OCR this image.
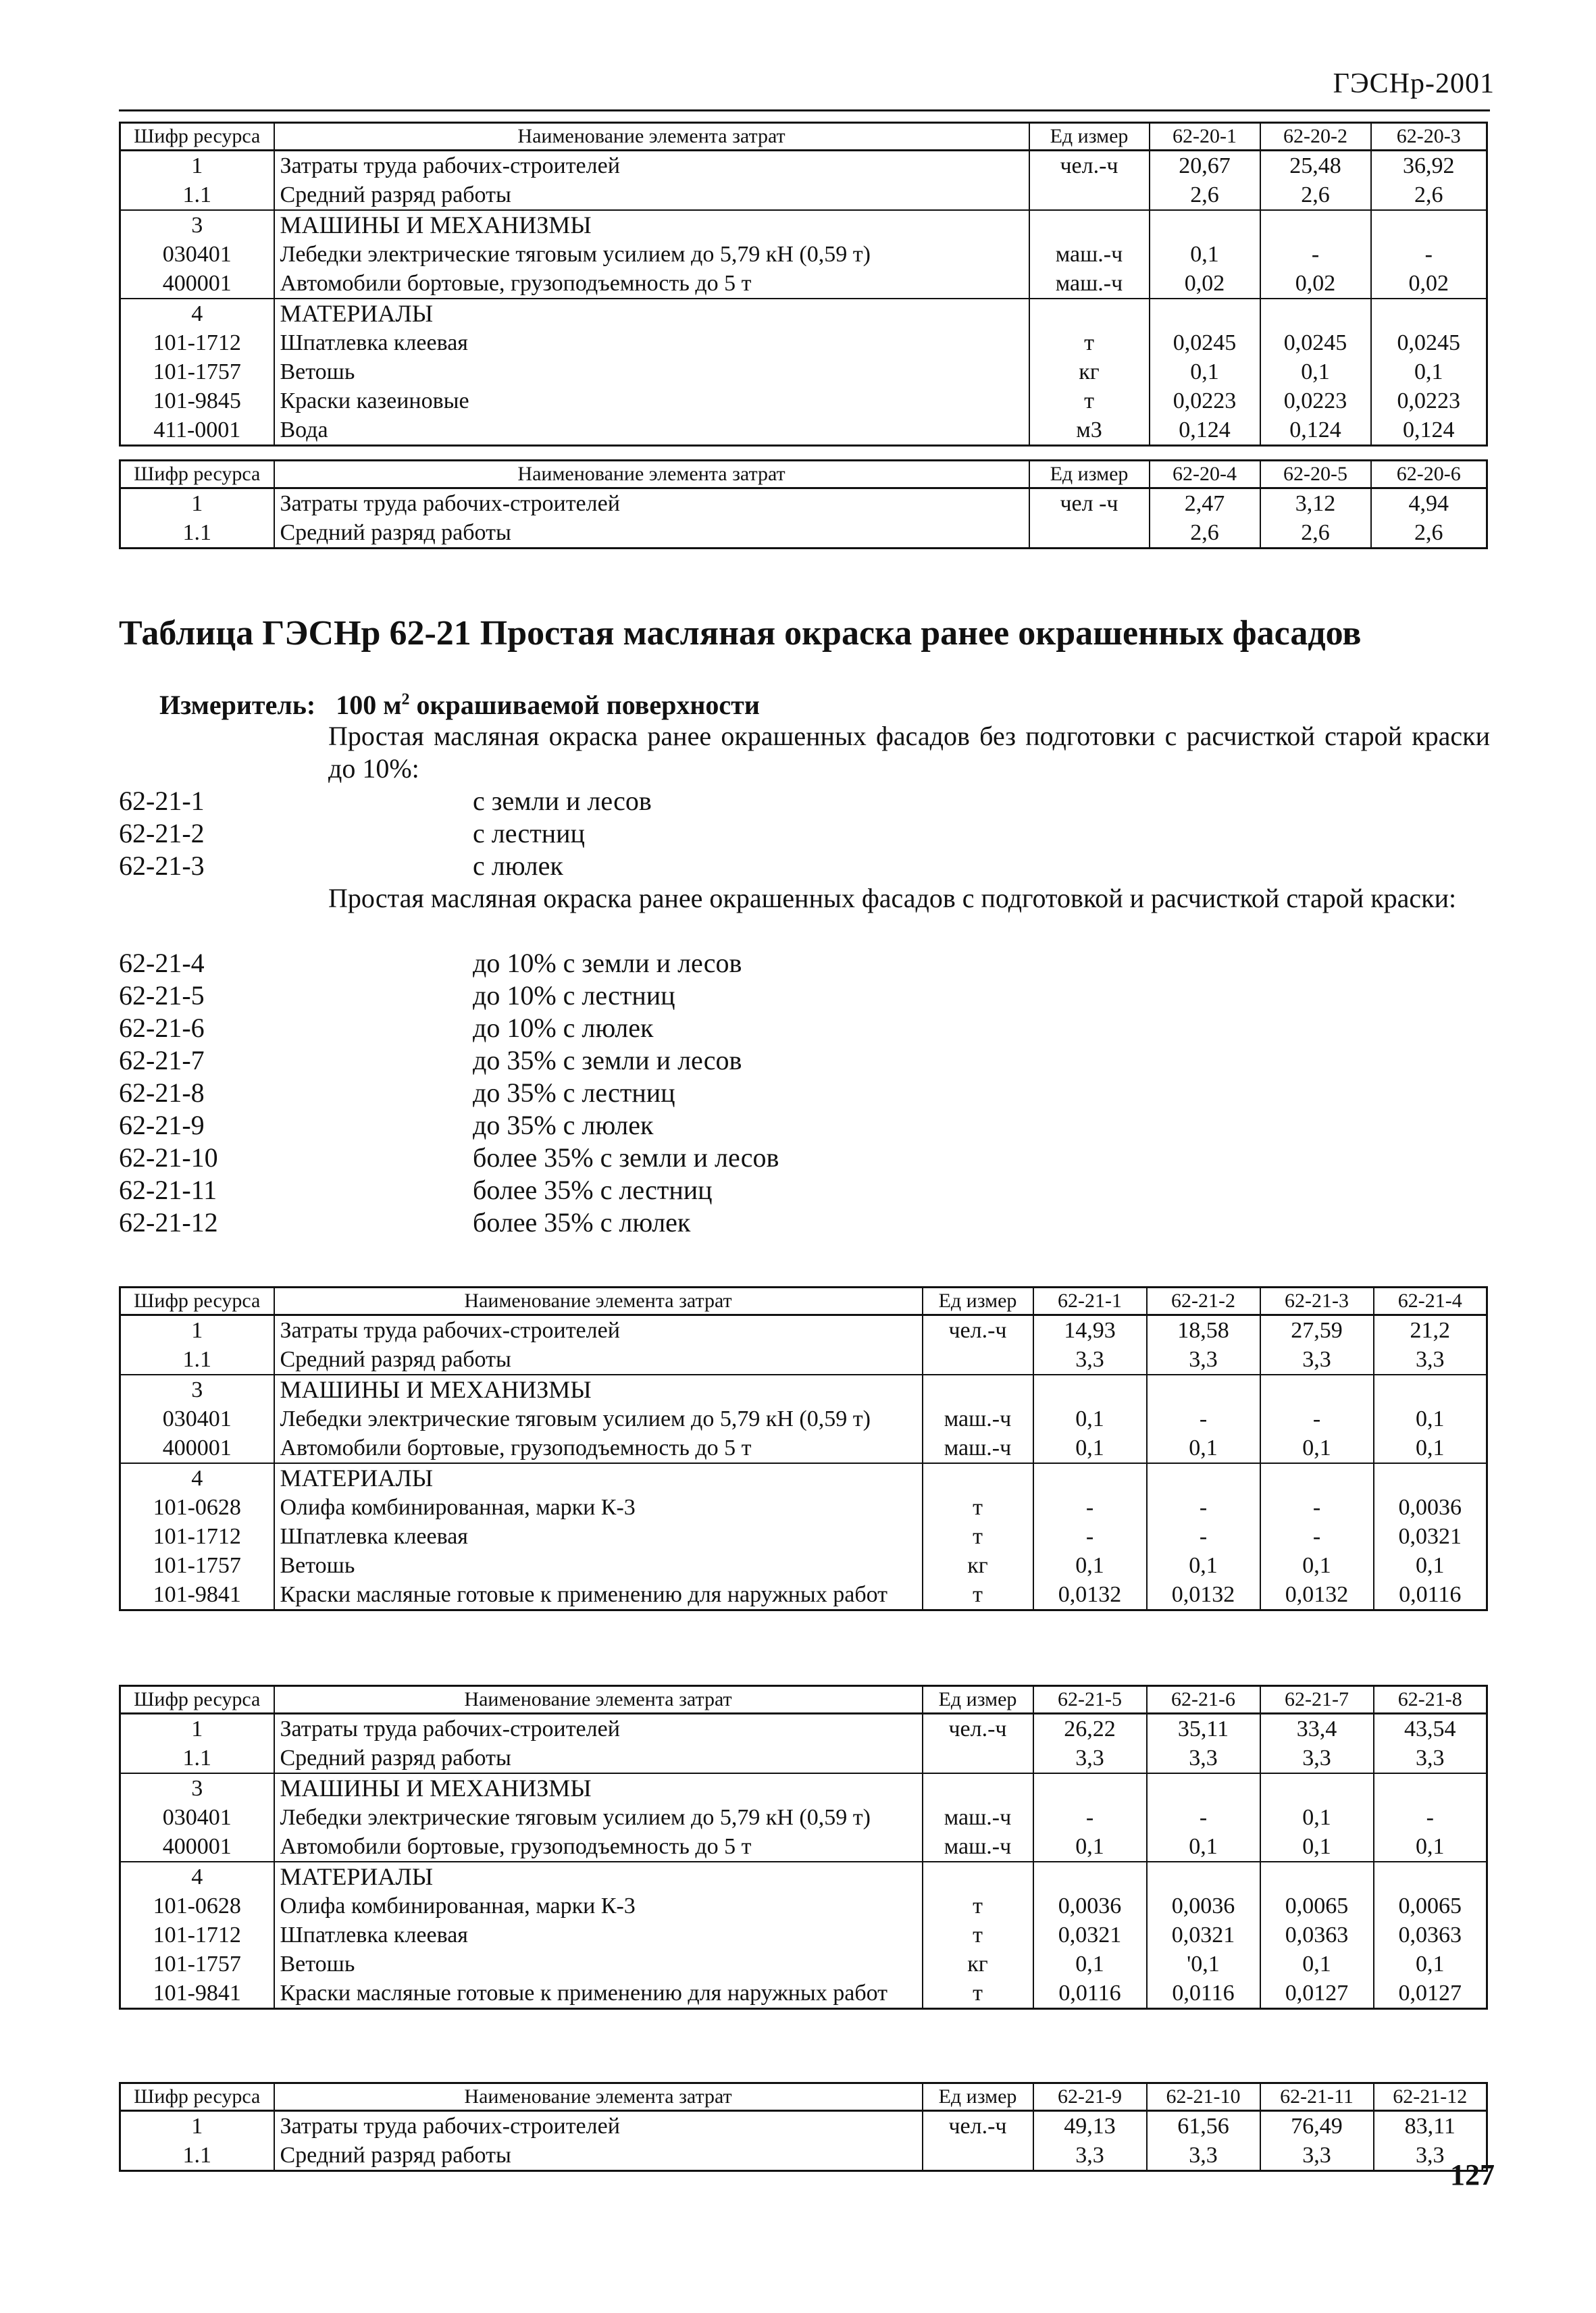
ГЭСНр-2001
Шифр ресурса	Наименование элемента затрат	Ед измер	62-20-1	62-20-2	62-20-3
1	Затраты труда рабочих-строителей	чел.-ч	20,67	25,48	36,92
1.1	Средний разряд работы		2,6	2,6	2,6
3	МАШИНЫ И МЕХАНИЗМЫ				
030401	Лебедки электрические тяговым усилием до 5,79 кН (0,59 т)	маш.-ч	0,1	-	-
400001	Автомобили бортовые, грузоподъемность до 5 т	маш.-ч	0,02	0,02	0,02
4	МАТЕРИАЛЫ				
101-1712	Шпатлевка клеевая	т	0,0245	0,0245	0,0245
101-1757	Ветошь	кг	0,1	0,1	0,1
101-9845	Краски казеиновые	т	0,0223	0,0223	0,0223
411-0001	Вода	м3	0,124	0,124	0,124
Шифр ресурса	Наименование элемента затрат	Ед измер	62-20-4	62-20-5	62-20-6
1	Затраты труда рабочих-строителей	чел -ч	2,47	3,12	4,94
1.1	Средний разряд работы		2,6	2,6	2,6
Таблица ГЭСНр 62-21 Простая масляная окраска ранее окрашенных фасадов
Измеритель: 100 $м^2$ окрашиваемой поверхности
Простая масляная окраска ранее окрашенных фасадов без подготовки с расчисткой старой краски до 10%:
62-21-1	с земли и лесов
62-21-2	с лестниц
62-21-3	с люлек
Простая масляная окраска ранее окрашенных фасадов с подготовкой и расчисткой старой краски:
62-21-4	до 10% с земли и лесов
62-21-5	до 10% с лестниц
62-21-6	до 10% с люлек
62-21-7	до 35% с земли и лесов
62-21-8	до 35% с лестниц
62-21-9	до 35% с люлек
62-21-10	более 35% с земли и лесов
62-21-11	более 35% с лестниц
62-21-12	более 35% с люлек
Шифр ресурса	Наименование элемента затрат	Ед измер	62-21-1	62-21-2	62-21-3	62-21-4
1	Затраты труда рабочих-строителей	чел.-ч	14,93	18,58	27,59	21,2
1.1	Средний разряд работы		3,3	3,3	3,3	3,3
3	МАШИНЫ И МЕХАНИЗМЫ					
030401	Лебедки электрические тяговым усилием до 5,79 кН (0,59 т)	маш.-ч	0,1	-	-	0,1
400001	Автомобили бортовые, грузоподъемность до 5 т	маш.-ч	0,1	0,1	0,1	0,1
4	МАТЕРИАЛЫ					
101-0628	Олифа комбинированная, марки К-3	т	-	-	-	0,0036
101-1712	Шпатлевка клеевая	т	-	-	-	0,0321
101-1757	Ветошь	кг	0,1	0,1	0,1	0,1
101-9841	Краски масляные готовые к применению для наружных работ	т	0,0132	0,0132	0,0132	0,0116
Шифр ресурса	Наименование элемента затрат	Ед измер	62-21-5	62-21-6	62-21-7	62-21-8
1	Затраты труда рабочих-строителей	чел.-ч	26,22	35,11	33,4	43,54
1.1	Средний разряд работы		3,3	3,3	3,3	3,3
3	МАШИНЫ И МЕХАНИЗМЫ					
030401	Лебедки электрические тяговым усилием до 5,79 кН (0,59 т)	маш.-ч	-	-	0,1	-
400001	Автомобили бортовые, грузоподъемность до 5 т	маш.-ч	0,1	0,1	0,1	0,1
4	МАТЕРИАЛЫ					
101-0628	Олифа комбинированная, марки К-3	т	0,0036	0,0036	0,0065	0,0065
101-1712	Шпатлевка клеевая	т	0,0321	0,0321	0,0363	0,0363
101-1757	Ветошь	кг	0,1	'0,1	0,1	0,1
101-9841	Краски масляные готовые к применению для наружных работ	т	0,0116	0,0116	0,0127	0,0127
Шифр ресурса	Наименование элемента затрат	Ед измер	62-21-9	62-21-10	62-21-11	62-21-12
1	Затраты труда рабочих-строителей	чел.-ч	49,13	61,56	76,49	83,11
1.1	Средний разряд работы		3,3	3,3	3,3	3,3
127
